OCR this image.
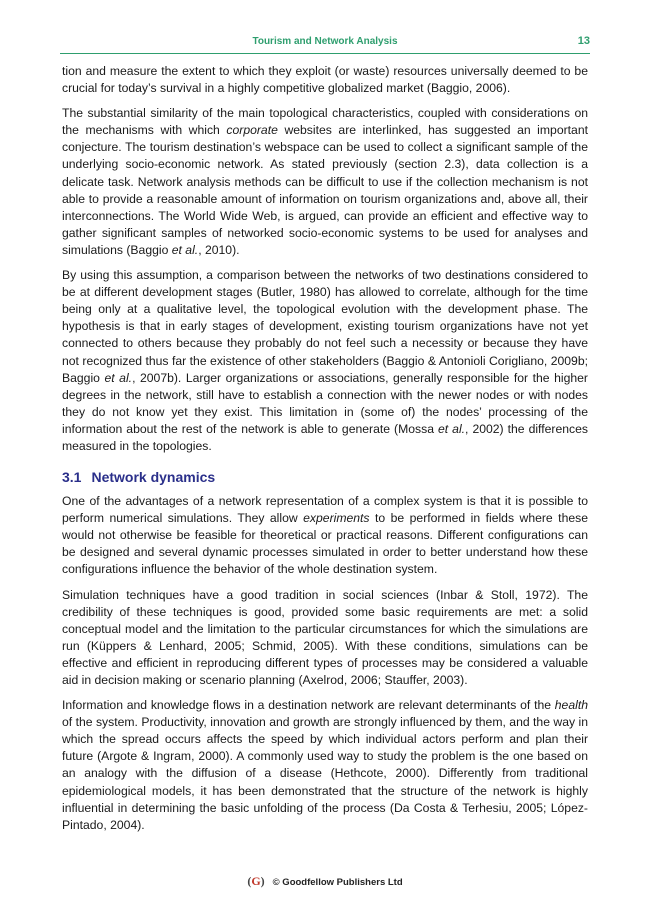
Tourism and Network Analysis	13

tion and measure the extent to which they exploit (or waste) resources universally deemed to be crucial for today’s survival in a highly competitive globalized market (Baggio, 2006).

The substantial similarity of the main topological characteristics, coupled with considerations on the mechanisms with which corporate websites are interlinked, has suggested an important conjecture. The tourism destination’s webspace can be used to collect a significant sample of the underlying socio-economic network. As stated previously (section 2.3), data collection is a delicate task. Network analysis methods can be difficult to use if the collection mechanism is not able to provide a reasonable amount of information on tourism organizations and, above all, their interconnections. The World Wide Web, is argued, can provide an efficient and effective way to gather significant samples of networked socio-economic systems to be used for analyses and simulations (Baggio et al., 2010).

By using this assumption, a comparison between the networks of two destinations considered to be at different development stages (Butler, 1980) has allowed to correlate, although for the time being only at a qualitative level, the topological evolution with the development phase. The hypothesis is that in early stages of development, existing tourism organizations have not yet connected to others because they probably do not feel such a necessity or because they have not recognized thus far the existence of other stakeholders (Baggio & Antonioli Corigliano, 2009b; Baggio et al., 2007b). Larger organizations or associations, generally responsible for the higher degrees in the network, still have to establish a connection with the newer nodes or with nodes they do not know yet they exist. This limitation in (some of) the nodes’ processing of the information about the rest of the network is able to generate (Mossa et al., 2002) the differences measured in the topologies.

3.1 Network dynamics

One of the advantages of a network representation of a complex system is that it is possible to perform numerical simulations. They allow experiments to be performed in fields where these would not otherwise be feasible for theoretical or practical reasons. Different configurations can be designed and several dynamic processes simulated in order to better understand how these configurations influence the behavior of the whole destination system.

Simulation techniques have a good tradition in social sciences (Inbar & Stoll, 1972). The credibility of these techniques is good, provided some basic requirements are met: a solid conceptual model and the limitation to the particular circumstances for which the simulations are run (Küppers & Lenhard, 2005; Schmid, 2005). With these conditions, simulations can be effective and efficient in reproducing different types of processes may be considered a valuable aid in decision making or scenario planning (Axelrod, 2006; Stauffer, 2003).

Information and knowledge flows in a destination network are relevant determinants of the health of the system. Productivity, innovation and growth are strongly influenced by them, and the way in which the spread occurs affects the speed by which individual actors perform and plan their future (Argote & Ingram, 2000). A commonly used way to study the problem is the one based on an analogy with the diffusion of a disease (Hethcote, 2000). Differently from traditional epidemiological models, it has been demonstrated that the structure of the network is highly influential in determining the basic unfolding of the process (Da Costa & Terhesiu, 2005; López-Pintado, 2004).

(G) © Goodfellow Publishers Ltd
